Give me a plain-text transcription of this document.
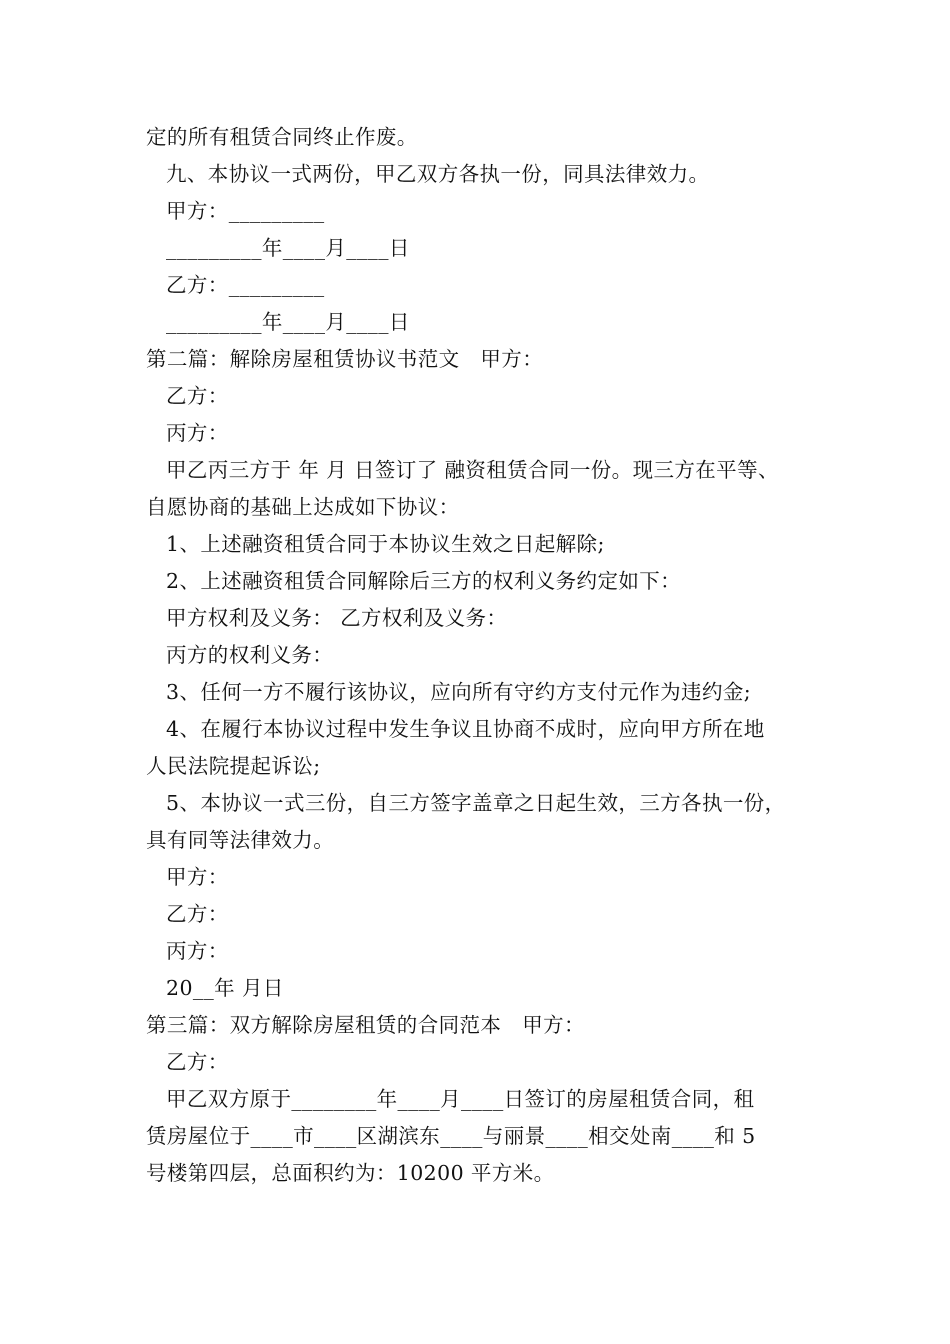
定的所有租赁合同终止作废。
九、本协议一式两份，甲乙双方各执一份，同具法律效力。
甲方：_________
_________年____月____日
乙方：_________
_________年____月____日
第二篇：解除房屋租赁协议书范文　甲方：
乙方：
丙方：
甲乙丙三方于 年 月 日签订了 融资租赁合同一份。现三方在平等、
自愿协商的基础上达成如下协议：
1、上述融资租赁合同于本协议生效之日起解除;
2、上述融资租赁合同解除后三方的权利义务约定如下：
甲方权利及义务： 乙方权利及义务：
丙方的权利义务：
3、任何一方不履行该协议，应向所有守约方支付元作为违约金;
4、在履行本协议过程中发生争议且协商不成时，应向甲方所在地
人民法院提起诉讼;
5、本协议一式三份，自三方签字盖章之日起生效，三方各执一份，
具有同等法律效力。
甲方：
乙方：
丙方：
20__年 月日
第三篇：双方解除房屋租赁的合同范本　甲方：
乙方：
甲乙双方原于________年____月____日签订的房屋租赁合同，租
赁房屋位于____市____区湖滨东____与丽景____相交处南____和 5
号楼第四层，总面积约为：10200 平方米。
